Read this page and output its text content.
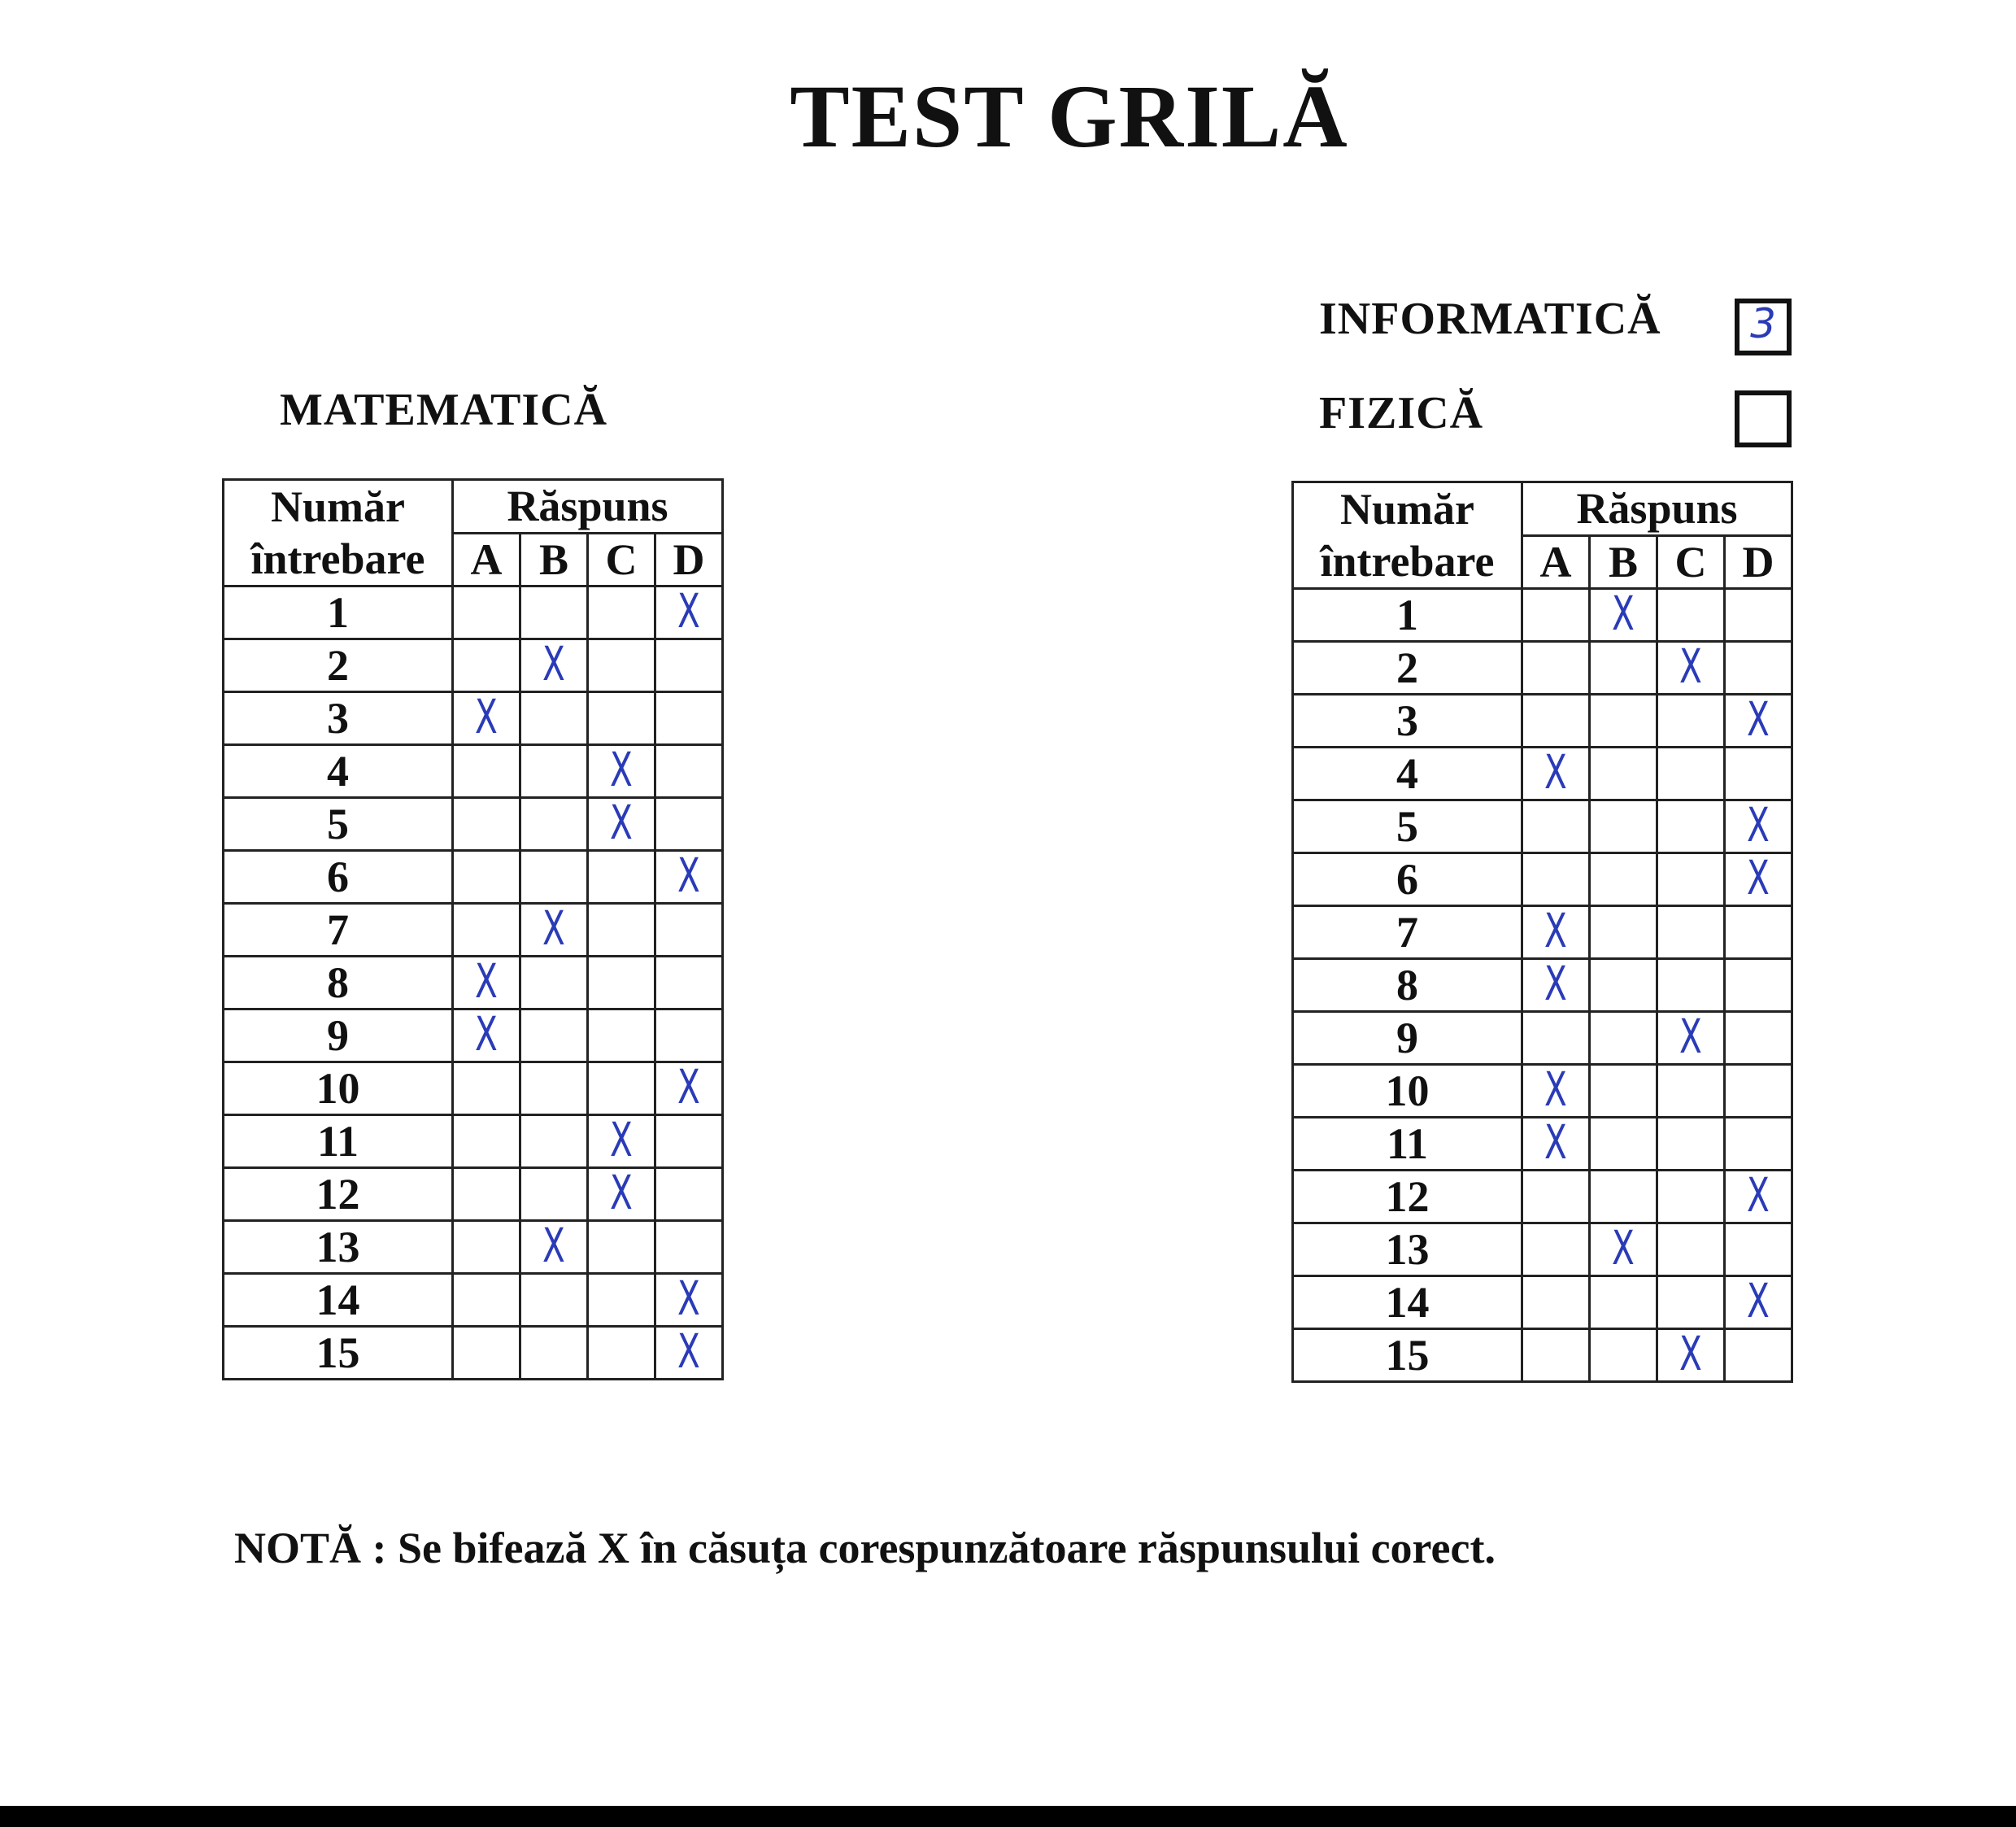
TEST GRILĂ
MATEMATICĂ
INFORMATICĂ
FIZICĂ
3
Număr întrebare	Răspuns			
	A	B	C	D
1				X
2		X		
3	X			
4			X	
5			X	
6				X
7		X		
8	X			
9	X			
10				X
11			X	
12			X	
13		X		
14				X
15				X
Număr întrebare	Răspuns			
	A	B	C	D
1		X		
2			X	
3				X
4	X			
5				X
6				X
7	X			
8	X			
9			X	
10	X			
11	X			
12				X
13		X		
14				X
15			X	
NOTĂ : Se bifează X în căsuța corespunzătoare răspunsului corect.
